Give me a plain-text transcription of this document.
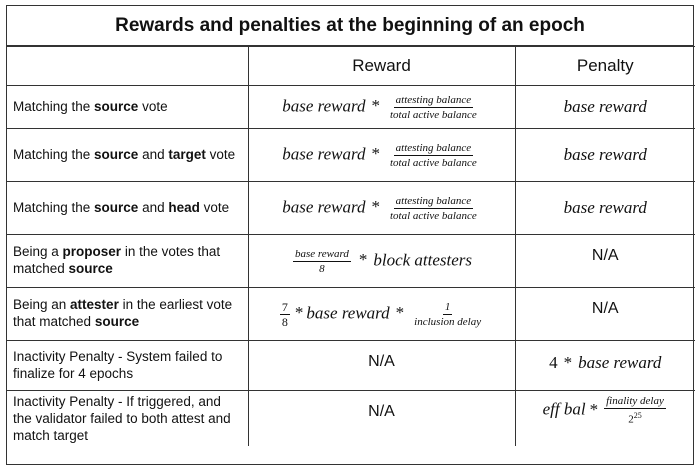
Rewards and penalties at the beginning of an epoch
	Reward	Penalty
Matching the source vote	base reward * $\frac{\text{attesting balance}}{\text{total active balance}}$	base reward
Matching the source and target vote	base reward * $\frac{\text{attesting balance}}{\text{total active balance}}$	base reward
Matching the source and head vote	base reward * $\frac{\text{attesting balance}}{\text{total active balance}}$	base reward
Being a proposer in the votes that matched source	$\frac{\text{base reward}}{8}$ * block attesters	N/A
Being an attester in the earliest vote that matched source	$\frac{7}{8}$ * base reward * $\frac{1}{\text{inclusion delay}}$	N/A
Inactivity Penalty - System failed to finalize for 4 epochs	N/A	4 * base reward
Inactivity Penalty - If triggered, and the validator failed to both attest and match target	N/A	eff bal * $\frac{\text{finality delay}}{2^{25}}$
